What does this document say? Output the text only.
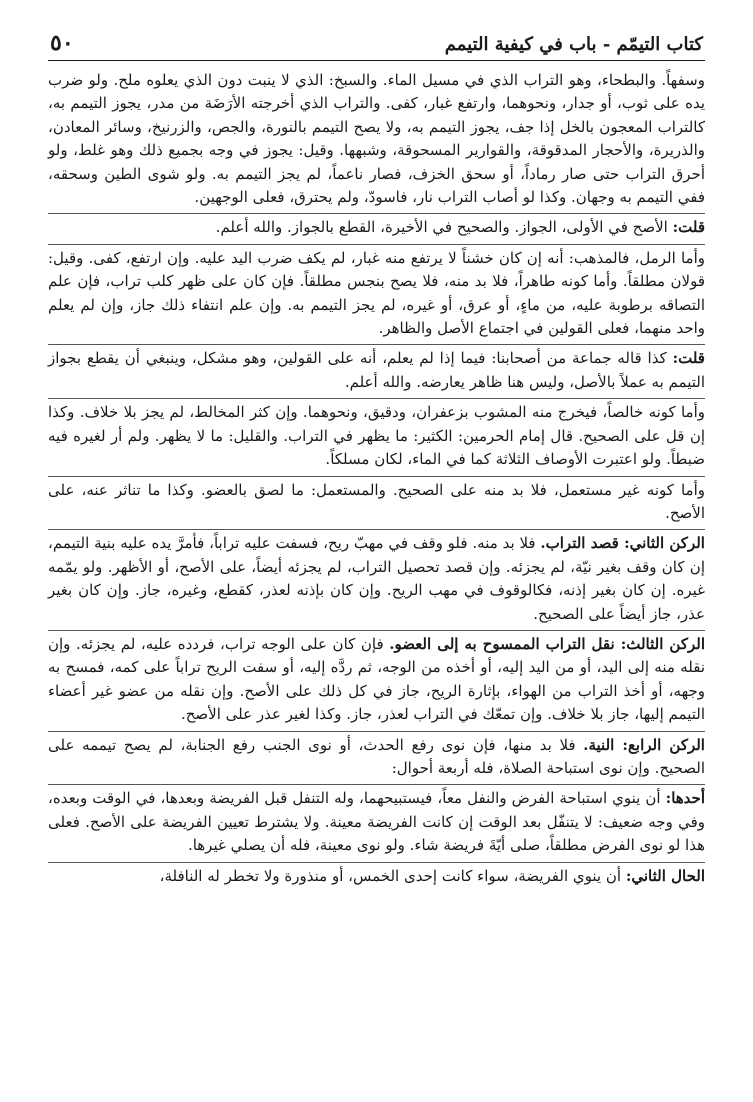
كتاب التيمّم - باب في كيفية التيمم
٥٠

وسفهاً. والبطحاء، وهو التراب الذي في مسيل الماء. والسبخ: الذي لا ينبت دون الذي يعلوه ملح. ولو ضرب يده على ثوب، أو جدار، ونحوهما، وارتفع غبار، كفى. والتراب الذي أخرجته الأرَضَة من مدر، يجوز التيمم به، كالتراب المعجون بالخل إذا جف، يجوز التيمم به، ولا يصح التيمم بالنورة، والجص، والزرنيخ، وسائر المعادن، والذريرة، والأحجار المدقوقة، والقوارير المسحوقة، وشبهها. وقيل: يجوز في وجه بجميع ذلك وهو غلط، ولو أحرق التراب حتى صار رماداً، أو سحق الخزف، فصار ناعماً، لم يجز التيمم به. ولو شوى الطين وسحقه، ففي التيمم به وجهان. وكذا لو أصاب التراب نار، فاسودّ، ولم يحترق، فعلى الوجهين.

قلت: الأصح في الأولى، الجواز. والصحيح في الأخيرة، القطع بالجواز. والله أعلم.

وأما الرمل، فالمذهب: أنه إن كان خشناً لا يرتفع منه غبار، لم يكف ضرب اليد عليه. وإن ارتفع، كفى. وقيل: قولان مطلقاً. وأما كونه طاهراً، فلا بد منه، فلا يصح بنجس مطلقاً. فإن كان على ظهر كلب تراب، فإن علم التصاقه برطوبة عليه، من ماءٍ، أو عرق، أو غيره، لم يجز التيمم به. وإن علم انتفاء ذلك جاز، وإن لم يعلم واحد منهما، فعلى القولين في اجتماع الأصل والظاهر.

قلت: كذا قاله جماعة من أصحابنا: فيما إذا لم يعلم، أنه على القولين، وهو مشكل، وينبغي أن يقطع بجواز التيمم به عملاً بالأصل، وليس هنا ظاهر يعارضه. والله أعلم.

وأما كونه خالصاً، فيخرج منه المشوب بزعفران، ودقيق، ونحوهما. وإن كثر المخالط، لم يجز بلا خلاف. وكذا إن قل على الصحيح. قال إمام الحرمين: الكثير: ما يظهر في التراب. والقليل: ما لا يظهر. ولم أر لغيره فيه ضبطاً. ولو اعتبرت الأوصاف الثلاثة كما في الماء، لكان مسلكاً.

وأما كونه غير مستعمل، فلا بد منه على الصحيح. والمستعمل: ما لصق بالعضو. وكذا ما تناثر عنه، على الأصح.

الركن الثاني: قصد التراب. فلا بد منه. فلو وقف في مهبّ ريح، فسفت عليه تراباً، فأمرَّ يده عليه بنية التيمم، إن كان وقف بغير نيّة، لم يجزئه. وإن قصد تحصيل التراب، لم يجزئه أيضاً، على الأصح، أو الأظهر. ولو يمّمه غيره. إن كان بغير إذنه، فكالوقوف في مهب الريح. وإن كان بإذنه لعذر، كقطع، وغيره، جاز. وإن كان بغير عذر، جاز أيضاً على الصحيح.

الركن الثالث: نقل التراب الممسوح به إلى العضو. فإن كان على الوجه تراب، فردده عليه، لم يجزئه. وإن نقله منه إلى اليد، أو من اليد إليه، أو أخذه من الوجه، ثم ردَّه إليه، أو سفت الريح تراباً على كمه، فمسح به وجهه، أو أخذ التراب من الهواء، بإثارة الريح، جاز في كل ذلك على الأصح. وإن نقله من عضو غير أعضاء التيمم إليها، جاز بلا خلاف. وإن تمعّك في التراب لعذر، جاز. وكذا لغير عذر على الأصح.

الركن الرابع: النية. فلا بد منها، فإن نوى رفع الحدث، أو نوى الجنب رفع الجنابة، لم يصح تيممه على الصحيح. وإن نوى استباحة الصلاة، فله أربعة أحوال:

أحدها: أن ينوي استباحة الفرض والنفل معاً، فيستبيحهما، وله التنفل قبل الفريضة وبعدها، في الوقت وبعده، وفي وجه ضعيف: لا يتنفّل بعد الوقت إن كانت الفريضة معينة. ولا يشترط تعيين الفريضة على الأصح. فعلى هذا لو نوى الفرض مطلقاً، صلى أيّةَ فريضة شاء. ولو نوى معينة، فله أن يصلي غيرها.

الحال الثاني: أن ينوي الفريضة، سواء كانت إحدى الخمس، أو منذورة ولا تخطر له النافلة،
